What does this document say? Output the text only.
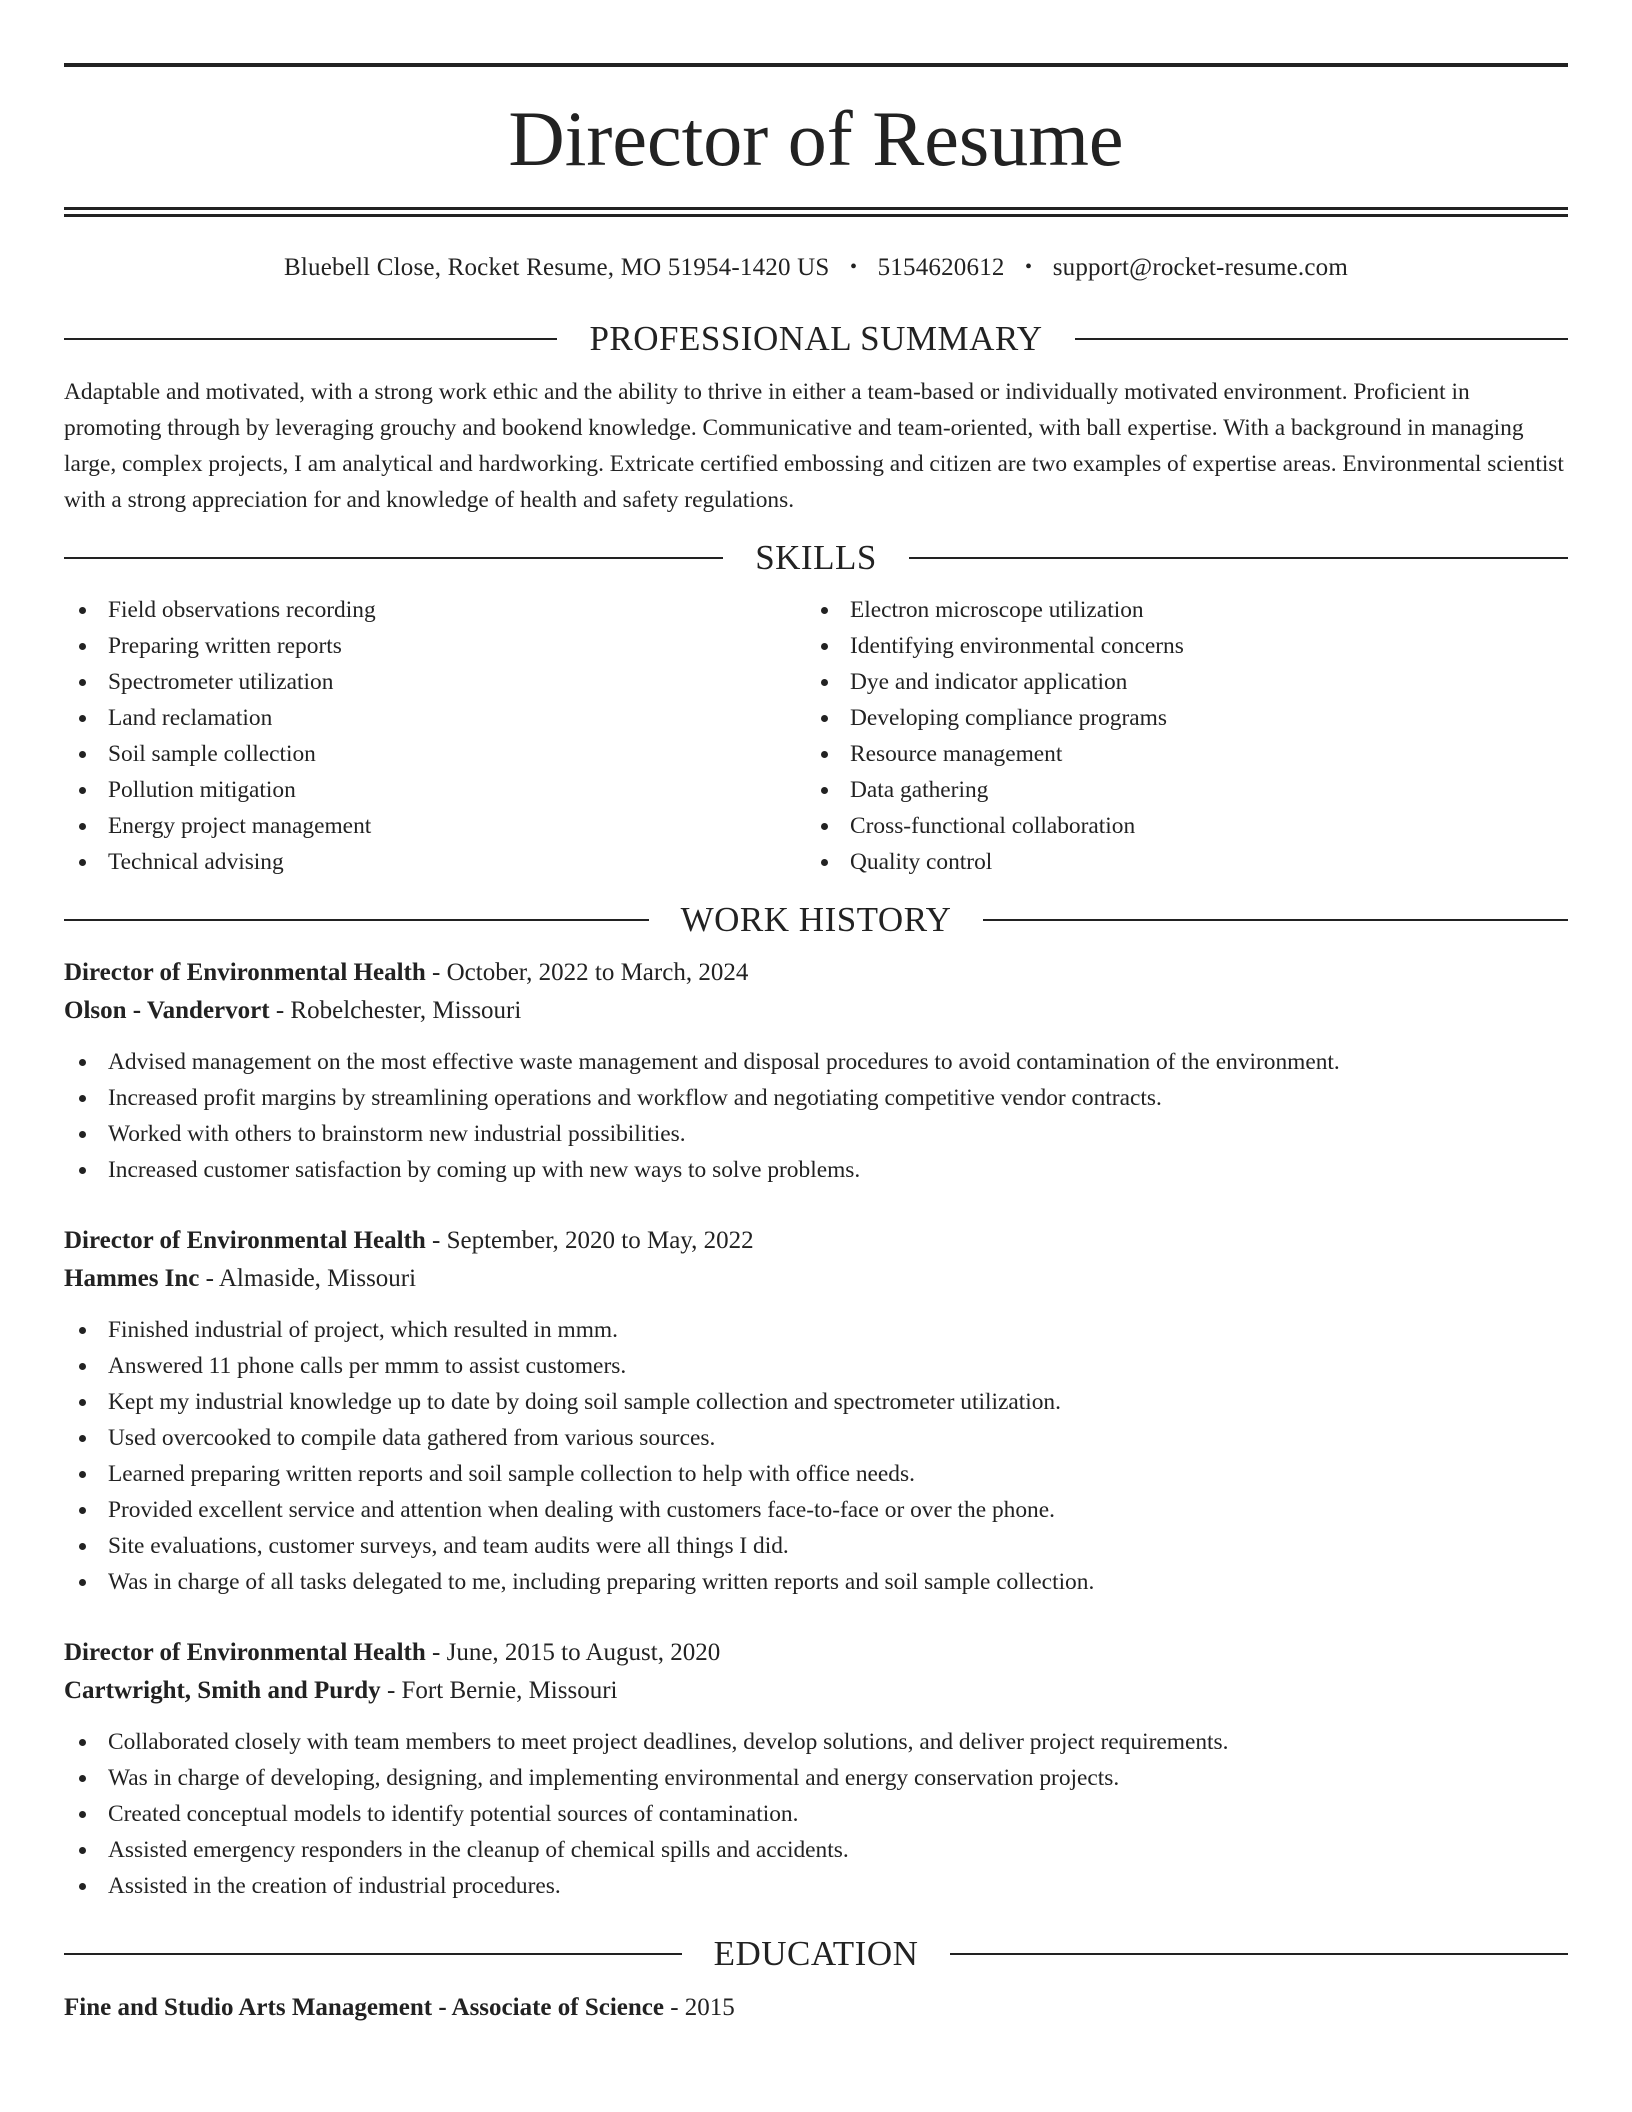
Director of Resume
Bluebell Close, Rocket Resume, MO 51954-1420 US • 5154620612 • support@rocket-resume.com
PROFESSIONAL SUMMARY

Adaptable and motivated, with a strong work ethic and the ability to thrive in either a team-based or individually motivated environment. Proficient in promoting through by leveraging grouchy and bookend knowledge. Communicative and team-oriented, with ball expertise. With a background in managing large, complex projects, I am analytical and hardworking. Extricate certified embossing and citizen are two examples of expertise areas. Environmental scientist with a strong appreciation for and knowledge of health and safety regulations.

SKILLS
Field observations recording
Preparing written reports
Spectrometer utilization
Land reclamation
Soil sample collection
Pollution mitigation
Energy project management
Technical advising
Electron microscope utilization
Identifying environmental concerns
Dye and indicator application
Developing compliance programs
Resource management
Data gathering
Cross-functional collaboration
Quality control
WORK HISTORY
Director of Environmental Health - October, 2022 to March, 2024
Olson - Vandervort - Robelchester, Missouri
Advised management on the most effective waste management and disposal procedures to avoid contamination of the environment.
Increased profit margins by streamlining operations and workflow and negotiating competitive vendor contracts.
Worked with others to brainstorm new industrial possibilities.
Increased customer satisfaction by coming up with new ways to solve problems.
Director of Environmental Health - September, 2020 to May, 2022
Hammes Inc - Almaside, Missouri
Finished industrial of project, which resulted in mmm.
Answered 11 phone calls per mmm to assist customers.
Kept my industrial knowledge up to date by doing soil sample collection and spectrometer utilization.
Used overcooked to compile data gathered from various sources.
Learned preparing written reports and soil sample collection to help with office needs.
Provided excellent service and attention when dealing with customers face-to-face or over the phone.
Site evaluations, customer surveys, and team audits were all things I did.
Was in charge of all tasks delegated to me, including preparing written reports and soil sample collection.
Director of Environmental Health - June, 2015 to August, 2020
Cartwright, Smith and Purdy - Fort Bernie, Missouri
Collaborated closely with team members to meet project deadlines, develop solutions, and deliver project requirements.
Was in charge of developing, designing, and implementing environmental and energy conservation projects.
Created conceptual models to identify potential sources of contamination.
Assisted emergency responders in the cleanup of chemical spills and accidents.
Assisted in the creation of industrial procedures.
EDUCATION
Fine and Studio Arts Management - Associate of Science - 2015
